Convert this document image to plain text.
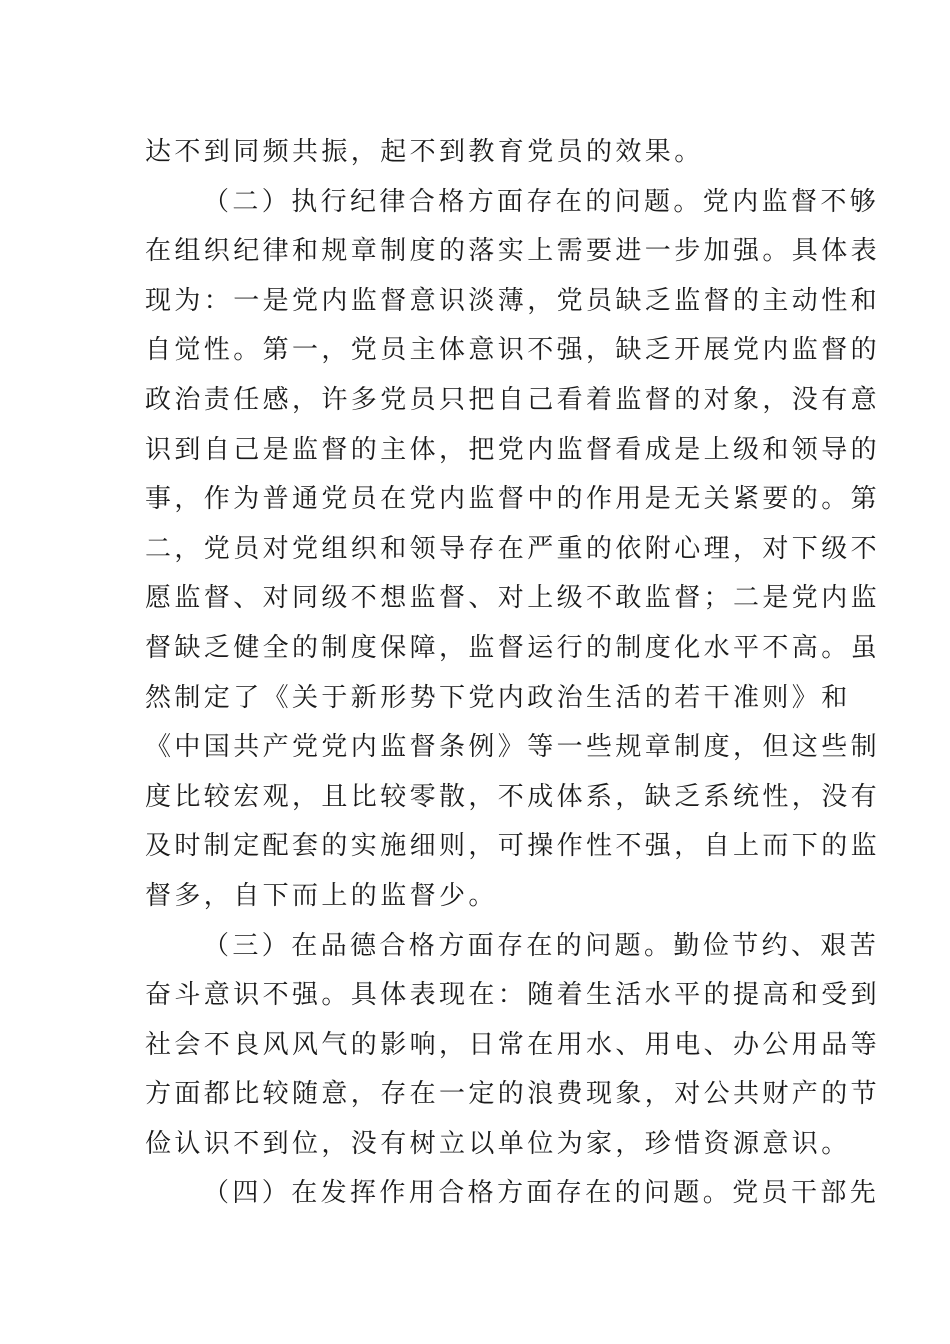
达不到同频共振，起不到教育党员的效果。
（二）执行纪律合格方面存在的问题。党内监督不够
在组织纪律和规章制度的落实上需要进一步加强。具体表
现为：一是党内监督意识淡薄，党员缺乏监督的主动性和
自觉性。第一，党员主体意识不强，缺乏开展党内监督的
政治责任感，许多党员只把自己看着监督的对象，没有意
识到自己是监督的主体，把党内监督看成是上级和领导的
事，作为普通党员在党内监督中的作用是无关紧要的。第
二，党员对党组织和领导存在严重的依附心理，对下级不
愿监督、对同级不想监督、对上级不敢监督；二是党内监
督缺乏健全的制度保障，监督运行的制度化水平不高。虽
然制定了《关于新形势下党内政治生活的若干准则》和
《中国共产党党内监督条例》等一些规章制度，但这些制
度比较宏观，且比较零散，不成体系，缺乏系统性，没有
及时制定配套的实施细则，可操作性不强，自上而下的监
督多，自下而上的监督少。
（三）在品德合格方面存在的问题。勤俭节约、艰苦
奋斗意识不强。具体表现在：随着生活水平的提高和受到
社会不良风风气的影响，日常在用水、用电、办公用品等
方面都比较随意，存在一定的浪费现象，对公共财产的节
俭认识不到位，没有树立以单位为家，珍惜资源意识。
（四）在发挥作用合格方面存在的问题。党员干部先
